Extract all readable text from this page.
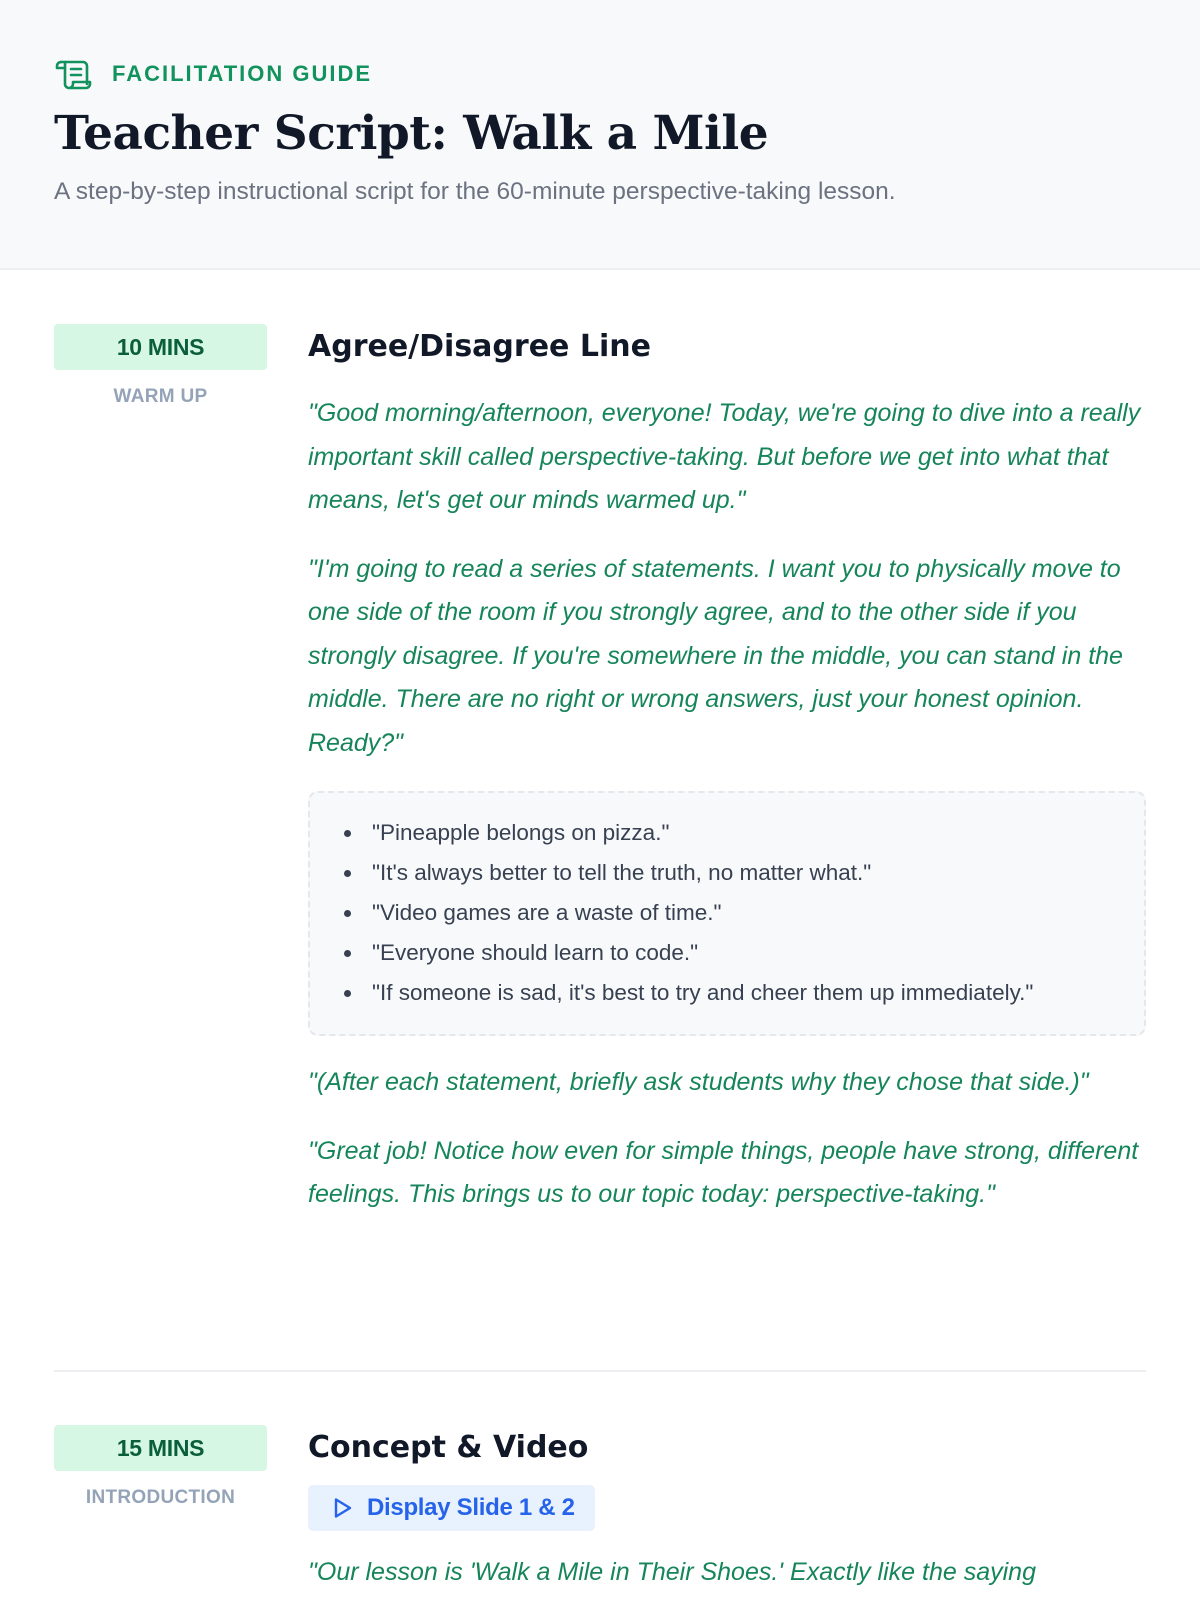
FACILITATION GUIDE
Teacher Script: Walk a Mile

A step-by-step instructional script for the 60-minute perspective-taking lesson.

10 MINS
WARM UP
Agree/Disagree Line

"Good morning/afternoon, everyone! Today, we're going to dive into a really important skill called perspective-taking. But before we get into what that means, let's get our minds warmed up."

"I'm going to read a series of statements. I want you to physically move to one side of the room if you strongly agree, and to the other side if you strongly disagree. If you're somewhere in the middle, you can stand in the middle. There are no right or wrong answers, just your honest opinion. Ready?"

"Pineapple belongs on pizza."
"It's always better to tell the truth, no matter what."
"Video games are a waste of time."
"Everyone should learn to code."
"If someone is sad, it's best to try and cheer them up immediately."

"(After each statement, briefly ask students why they chose that side.)"

"Great job! Notice how even for simple things, people have strong, different feelings. This brings us to our topic today: perspective-taking."

15 MINS
INTRODUCTION
Concept & Video
Display Slide 1 & 2

"Our lesson is 'Walk a Mile in Their Shoes.' Exactly like the saying
